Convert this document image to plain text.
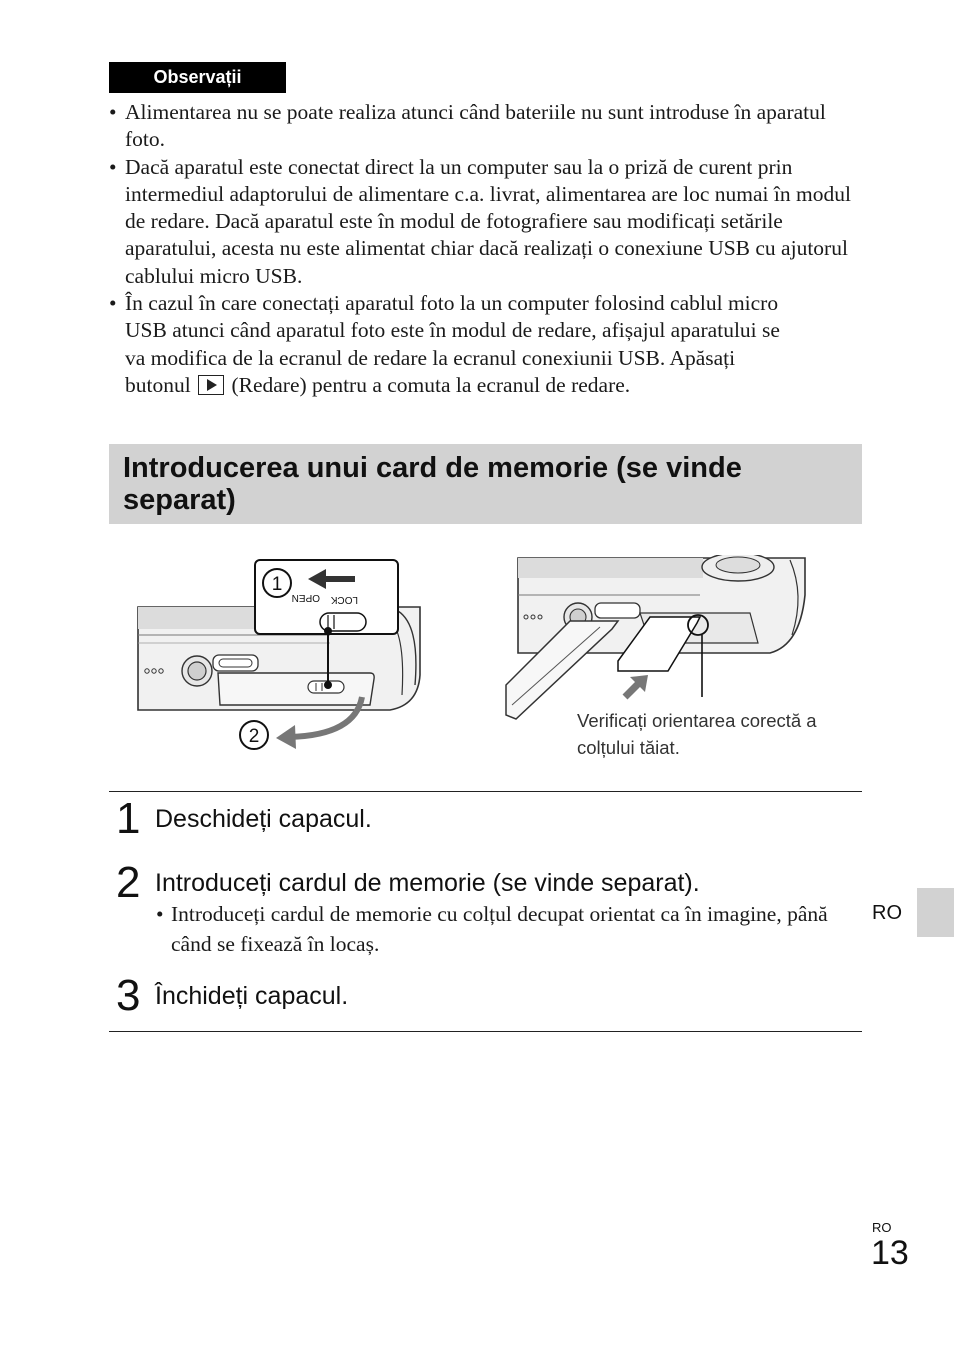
Observații
• Alimentarea nu se poate realiza atunci când bateriile nu sunt introduse în aparatul foto.
• Dacă aparatul este conectat direct la un computer sau la o priză de curent prin intermediul adaptorului de alimentare c.a. livrat, alimentarea are loc numai în modul de redare. Dacă aparatul este în modul de fotografiere sau modificați setările aparatului, acesta nu este alimentat chiar dacă realizați o conexiune USB cu ajutorul cablului micro USB.
• În cazul în care conectați aparatul foto la un computer folosind cablul micro
USB atunci când aparatul foto este în modul de redare, afișajul aparatului se
va modifica de la ecranul de redare la ecranul conexiunii USB. Apăsați
butonul (Redare) pentru a comuta la ecranul de redare.
Introducerea unui card de memorie (se vinde separat)
OPEN LOCK
1
2
Verificați orientarea corectă a colțului tăiat.
1 Deschideți capacul.
2 Introduceți cardul de memorie (se vinde separat).
• Introduceți cardul de memorie cu colțul decupat orientat ca în imagine, până când se fixează în locaș.
3 Închideți capacul.
RO
RO
13
